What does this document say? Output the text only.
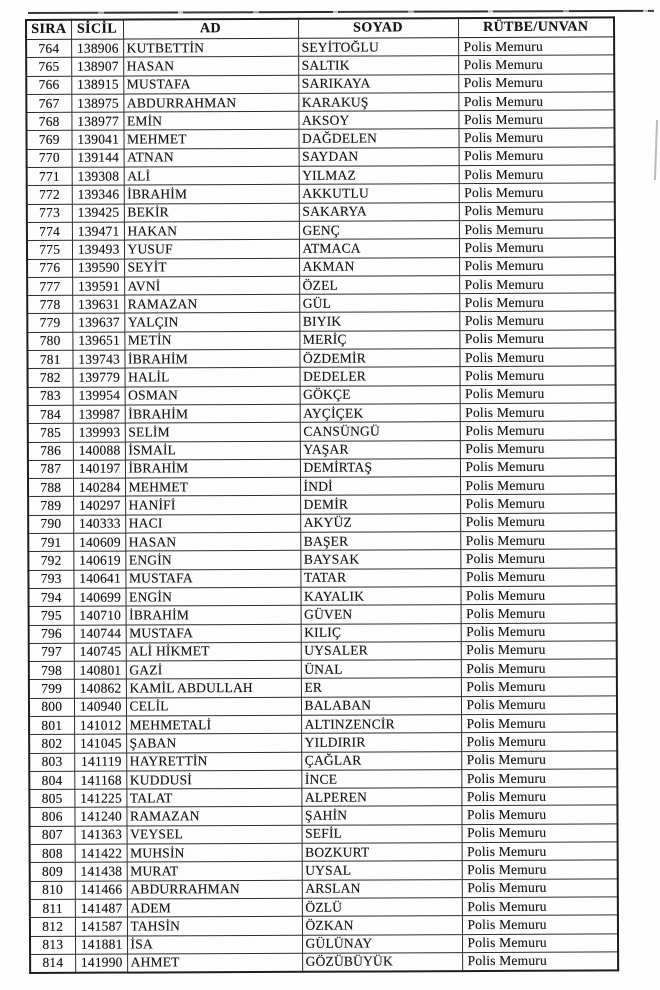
SIRA	SİCİL	AD	SOYAD	RÜTBE/UNVAN
764	138906	KUTBETTİN	SEYİTOĞLU	Polis Memuru
765	138907	HASAN	SALTIK	Polis Memuru
766	138915	MUSTAFA	SARIKAYA	Polis Memuru
767	138975	ABDURRAHMAN	KARAKUŞ	Polis Memuru
768	138977	EMİN	AKSOY	Polis Memuru
769	139041	MEHMET	DAĞDELEN	Polis Memuru
770	139144	ATNAN	SAYDAN	Polis Memuru
771	139308	ALİ	YILMAZ	Polis Memuru
772	139346	İBRAHİM	AKKUTLU	Polis Memuru
773	139425	BEKİR	SAKARYA	Polis Memuru
774	139471	HAKAN	GENÇ	Polis Memuru
775	139493	YUSUF	ATMACA	Polis Memuru
776	139590	SEYİT	AKMAN	Polis Memuru
777	139591	AVNİ	ÖZEL	Polis Memuru
778	139631	RAMAZAN	GÜL	Polis Memuru
779	139637	YALÇIN	BIYIK	Polis Memuru
780	139651	METİN	MERİÇ	Polis Memuru
781	139743	İBRAHİM	ÖZDEMİR	Polis Memuru
782	139779	HALİL	DEDELER	Polis Memuru
783	139954	OSMAN	GÖKÇE	Polis Memuru
784	139987	İBRAHİM	AYÇİÇEK	Polis Memuru
785	139993	SELİM	CANSÜNGÜ	Polis Memuru
786	140088	İSMAİL	YAŞAR	Polis Memuru
787	140197	İBRAHİM	DEMİRTAŞ	Polis Memuru
788	140284	MEHMET	İNDİ	Polis Memuru
789	140297	HANİFİ	DEMİR	Polis Memuru
790	140333	HACI	AKYÜZ	Polis Memuru
791	140609	HASAN	BAŞER	Polis Memuru
792	140619	ENGİN	BAYSAK	Polis Memuru
793	140641	MUSTAFA	TATAR	Polis Memuru
794	140699	ENGİN	KAYALIK	Polis Memuru
795	140710	İBRAHİM	GÜVEN	Polis Memuru
796	140744	MUSTAFA	KILIÇ	Polis Memuru
797	140745	ALİ HİKMET	UYSALER	Polis Memuru
798	140801	GAZİ	ÜNAL	Polis Memuru
799	140862	KAMİL ABDULLAH	ER	Polis Memuru
800	140940	CELİL	BALABAN	Polis Memuru
801	141012	MEHMETALİ	ALTINZENCİR	Polis Memuru
802	141045	ŞABAN	YILDIRIR	Polis Memuru
803	141119	HAYRETTİN	ÇAĞLAR	Polis Memuru
804	141168	KUDDUSİ	İNCE	Polis Memuru
805	141225	TALAT	ALPEREN	Polis Memuru
806	141240	RAMAZAN	ŞAHİN	Polis Memuru
807	141363	VEYSEL	SEFİL	Polis Memuru
808	141422	MUHSİN	BOZKURT	Polis Memuru
809	141438	MURAT	UYSAL	Polis Memuru
810	141466	ABDURRAHMAN	ARSLAN	Polis Memuru
811	141487	ADEM	ÖZLÜ	Polis Memuru
812	141587	TAHSİN	ÖZKAN	Polis Memuru
813	141881	İSA	GÜLÜNAY	Polis Memuru
814	141990	AHMET	GÖZÜBÜYÜK	Polis Memuru
